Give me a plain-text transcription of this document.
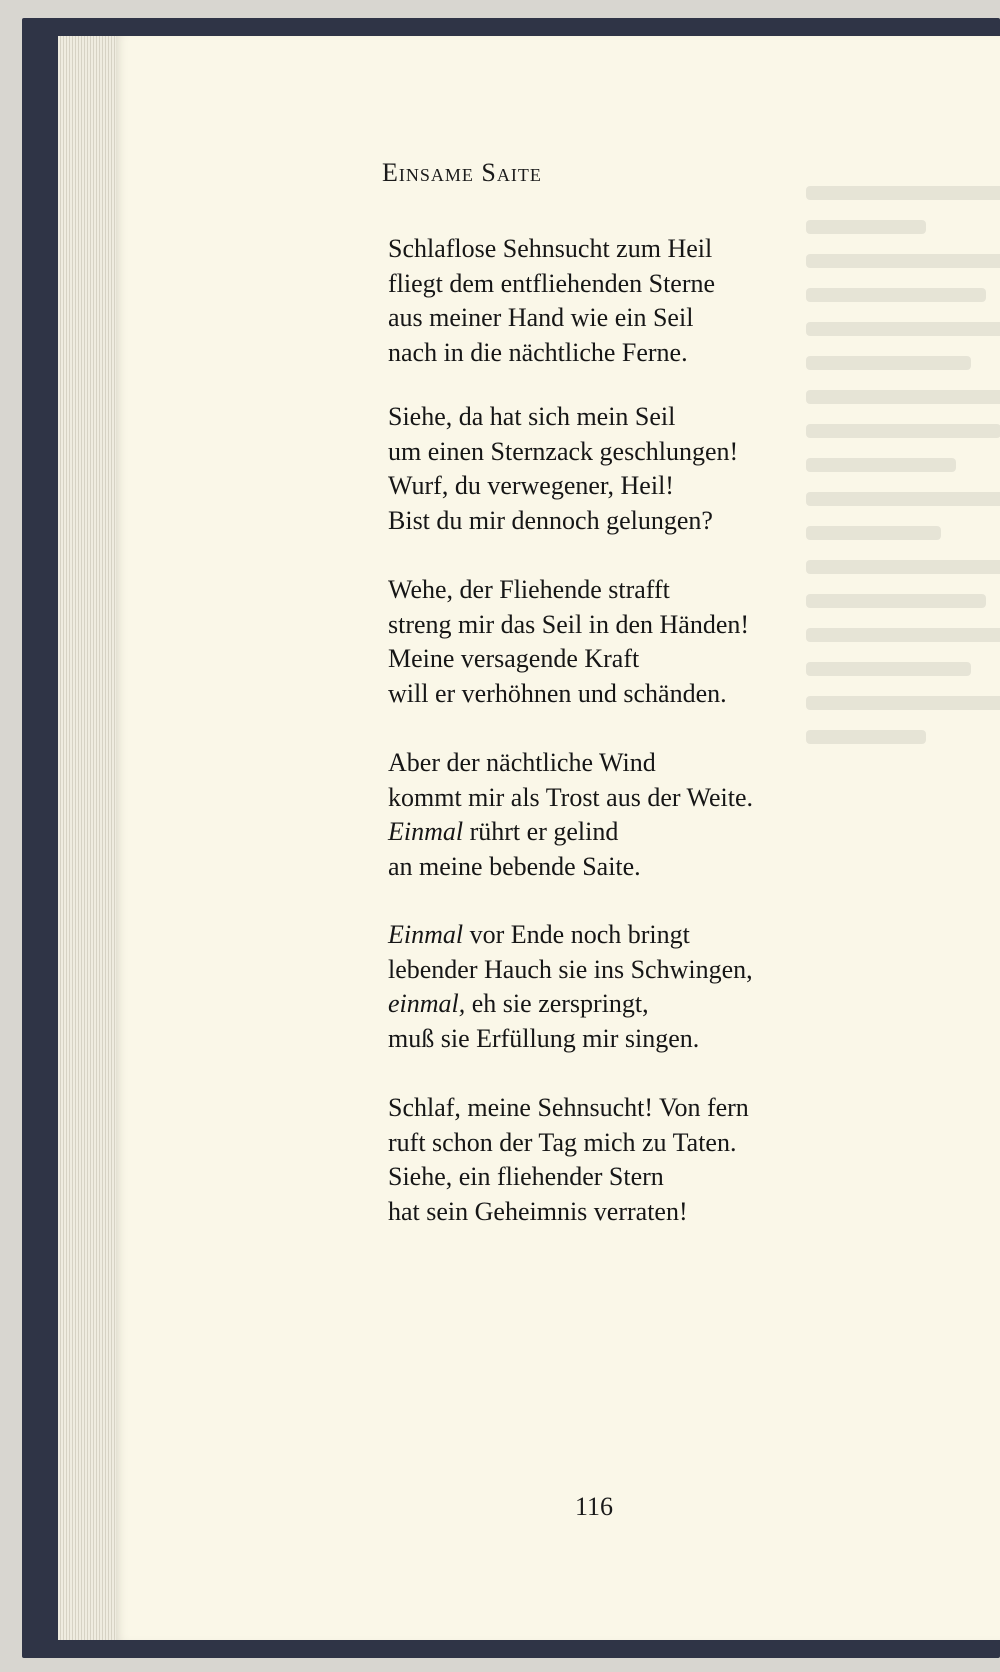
Einsame Saite
Schlaflose Sehnsucht zum Heil
fliegt dem entfliehenden Sterne
aus meiner Hand wie ein Seil
nach in die nächtliche Ferne.
Siehe, da hat sich mein Seil
um einen Sternzack geschlungen!
Wurf, du verwegener, Heil!
Bist du mir dennoch gelungen?
Wehe, der Fliehende strafft
streng mir das Seil in den Händen!
Meine versagende Kraft
will er verhöhnen und schänden.
Aber der nächtliche Wind
kommt mir als Trost aus der Weite.
Einmal rührt er gelind
an meine bebende Saite.
Einmal vor Ende noch bringt
lebender Hauch sie ins Schwingen,
einmal, eh sie zerspringt,
muß sie Erfüllung mir singen.
Schlaf, meine Sehnsucht! Von fern
ruft schon der Tag mich zu Taten.
Siehe, ein fliehender Stern
hat sein Geheimnis verraten!
116
